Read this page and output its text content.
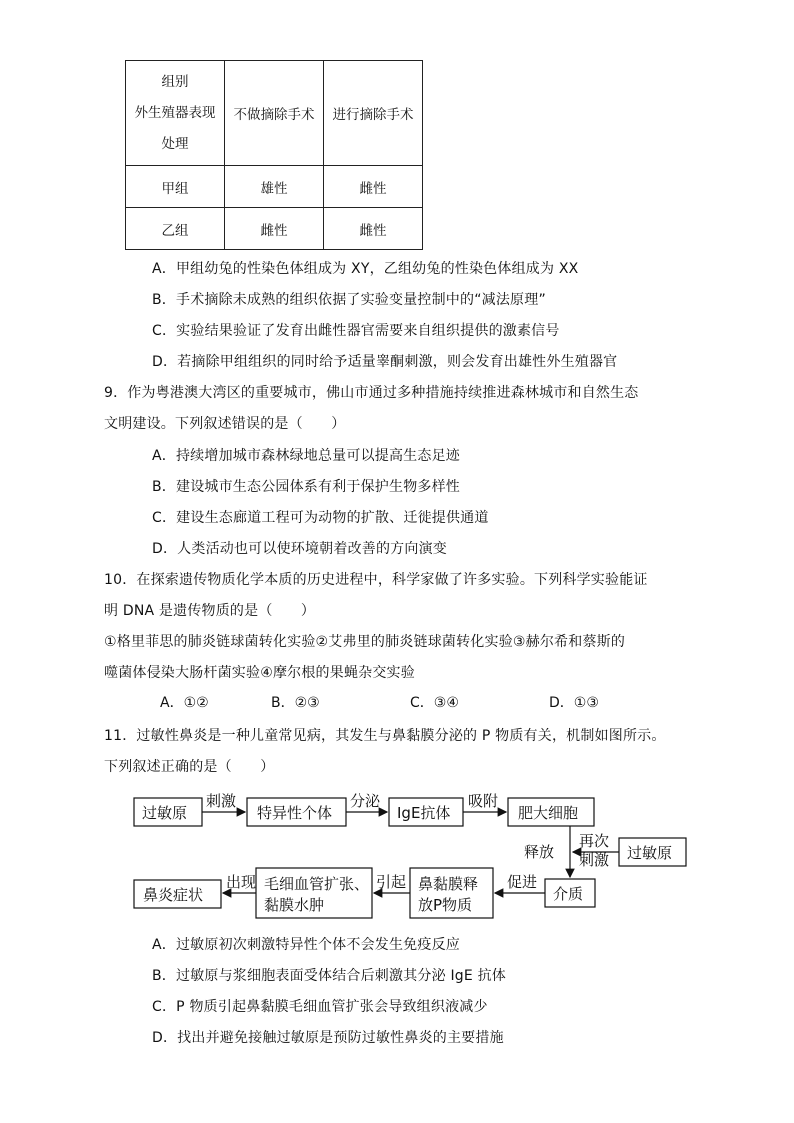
组别
外生殖器表现
处理	不做摘除手术	进行摘除手术
甲组	雄性	雌性
乙组	雌性	雌性
A．甲组幼兔的性染色体组成为 XY，乙组幼兔的性染色体组成为 XX
B．手术摘除未成熟的组织依据了实验变量控制中的“减法原理”
C．实验结果验证了发育出雌性器官需要来自组织提供的激素信号
D．若摘除甲组组织的同时给予适量睾酮刺激，则会发育出雄性外生殖器官
9．作为粤港澳大湾区的重要城市，佛山市通过多种措施持续推进森林城市和自然生态
文明建设。下列叙述错误的是（　　）
A．持续增加城市森林绿地总量可以提高生态足迹
B．建设城市生态公园体系有利于保护生物多样性
C．建设生态廊道工程可为动物的扩散、迁徙提供通道
D．人类活动也可以使环境朝着改善的方向演变
10．在探索遗传物质化学本质的历史进程中，科学家做了许多实验。下列科学实验能证
明 DNA 是遗传物质的是（　　）
①格里菲思的肺炎链球菌转化实验②艾弗里的肺炎链球菌转化实验③赫尔希和蔡斯的
噬菌体侵染大肠杆菌实验④摩尔根的果蝇杂交实验
A．①②	B．②③	C．③④	D．①③
11．过敏性鼻炎是一种儿童常见病，其发生与鼻黏膜分泌的 P 物质有关，机制如图所示。
下列叙述正确的是（　　）
过敏原	特异性个体	IgE抗体	肥大细胞
过敏原
介质
鼻黏膜释
放P物质
毛细血管扩张、
黏膜水肿
鼻炎症状
刺激	分泌	吸附
释放
再次
刺激
促进
引起
出现
A．过敏原初次刺激特异性个体不会发生免疫反应
B．过敏原与浆细胞表面受体结合后刺激其分泌 IgE 抗体
C．P 物质引起鼻黏膜毛细血管扩张会导致组织液减少
D．找出并避免接触过敏原是预防过敏性鼻炎的主要措施
